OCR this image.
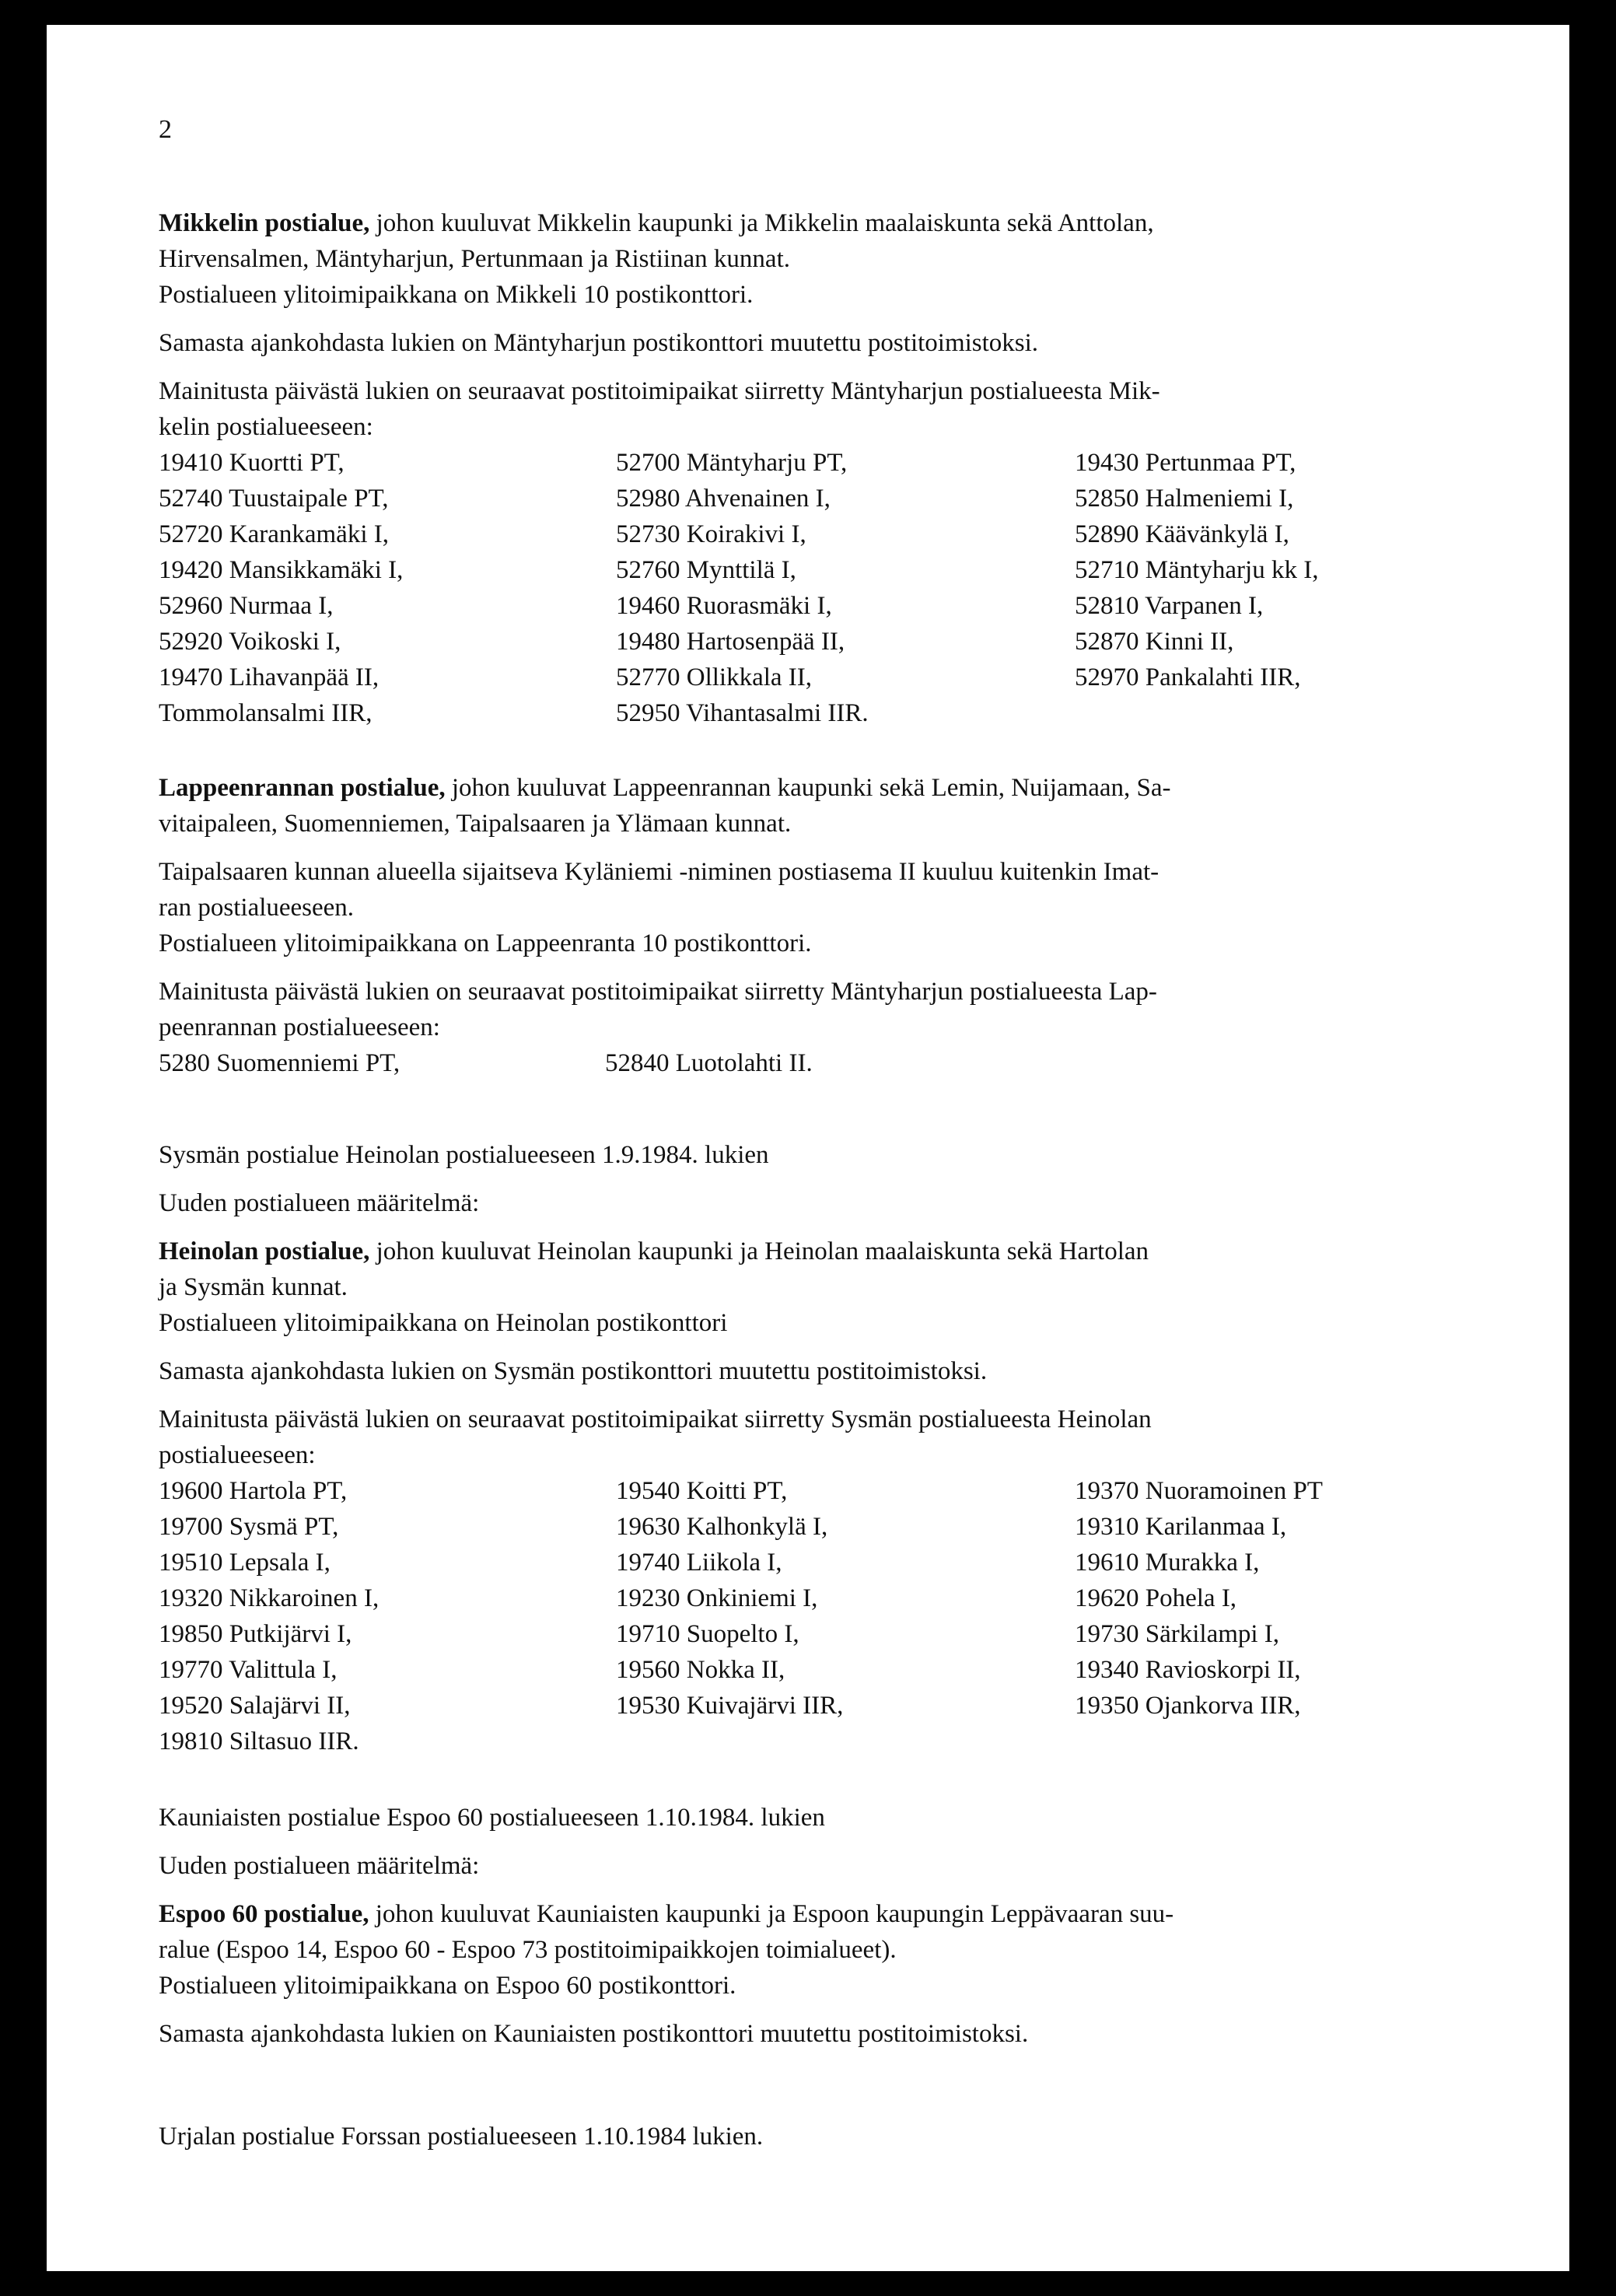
2

Mikkelin postialue, johon kuuluvat Mikkelin kaupunki ja Mikkelin maalaiskunta sekä Anttolan,

Hirvensalmen, Mäntyharjun, Pertunmaan ja Ristiinan kunnat.

Postialueen ylitoimipaikkana on Mikkeli 10 postikonttori.

Samasta ajankohdasta lukien on Mäntyharjun postikonttori muutettu postitoimistoksi.

Mainitusta päivästä lukien on seuraavat postitoimipaikat siirretty Mäntyharjun postialueesta Mik-

kelin postialueeseen:

19410 Kuortti PT,	52700 Mäntyharju PT,	19430 Pertunmaa PT,
52740 Tuustaipale PT,	52980 Ahvenainen I,	52850 Halmeniemi I,
52720 Karankamäki I,	52730 Koirakivi I,	52890 Käävänkylä I,
19420 Mansikkamäki I,	52760 Mynttilä I,	52710 Mäntyharju kk I,
52960 Nurmaa I,	19460 Ruorasmäki I,	52810 Varpanen I,
52920 Voikoski I,	19480 Hartosenpää II,	52870 Kinni II,
19470 Lihavanpää II,	52770 Ollikkala II,	52970 Pankalahti IIR,
Tommolansalmi IIR,	52950 Vihantasalmi IIR.

Lappeenrannan postialue, johon kuuluvat Lappeenrannan kaupunki sekä Lemin, Nuijamaan, Sa-

vitaipaleen, Suomenniemen, Taipalsaaren ja Ylämaan kunnat.

Taipalsaaren kunnan alueella sijaitseva Kyläniemi -niminen postiasema II kuuluu kuitenkin Imat-

ran postialueeseen.

Postialueen ylitoimipaikkana on Lappeenranta 10 postikonttori.

Mainitusta päivästä lukien on seuraavat postitoimipaikat siirretty Mäntyharjun postialueesta Lap-

peenrannan postialueeseen:

5280 Suomenniemi PT,	52840 Luotolahti II.

Sysmän postialue Heinolan postialueeseen 1.9.1984. lukien

Uuden postialueen määritelmä:

Heinolan postialue, johon kuuluvat Heinolan kaupunki ja Heinolan maalaiskunta sekä Hartolan

ja Sysmän kunnat.

Postialueen ylitoimipaikkana on Heinolan postikonttori

Samasta ajankohdasta lukien on Sysmän postikonttori muutettu postitoimistoksi.

Mainitusta päivästä lukien on seuraavat postitoimipaikat siirretty Sysmän postialueesta Heinolan

postialueeseen:

19600 Hartola PT,	19540 Koitti PT,	19370 Nuoramoinen PT
19700 Sysmä PT,	19630 Kalhonkylä I,	19310 Karilanmaa I,
19510 Lepsala I,	19740 Liikola I,	19610 Murakka I,
19320 Nikkaroinen I,	19230 Onkiniemi I,	19620 Pohela I,
19850 Putkijärvi I,	19710 Suopelto I,	19730 Särkilampi I,
19770 Valittula I,	19560 Nokka II,	19340 Ravioskorpi II,
19520 Salajärvi II,	19530 Kuivajärvi IIR,	19350 Ojankorva IIR,
19810 Siltasuo IIR.

Kauniaisten postialue Espoo 60 postialueeseen 1.10.1984. lukien

Uuden postialueen määritelmä:

Espoo 60 postialue, johon kuuluvat Kauniaisten kaupunki ja Espoon kaupungin Leppävaaran suu-

ralue (Espoo 14, Espoo 60 - Espoo 73 postitoimipaikkojen toimialueet).

Postialueen ylitoimipaikkana on Espoo 60 postikonttori.

Samasta ajankohdasta lukien on Kauniaisten postikonttori muutettu postitoimistoksi.

Urjalan postialue Forssan postialueeseen 1.10.1984 lukien.
